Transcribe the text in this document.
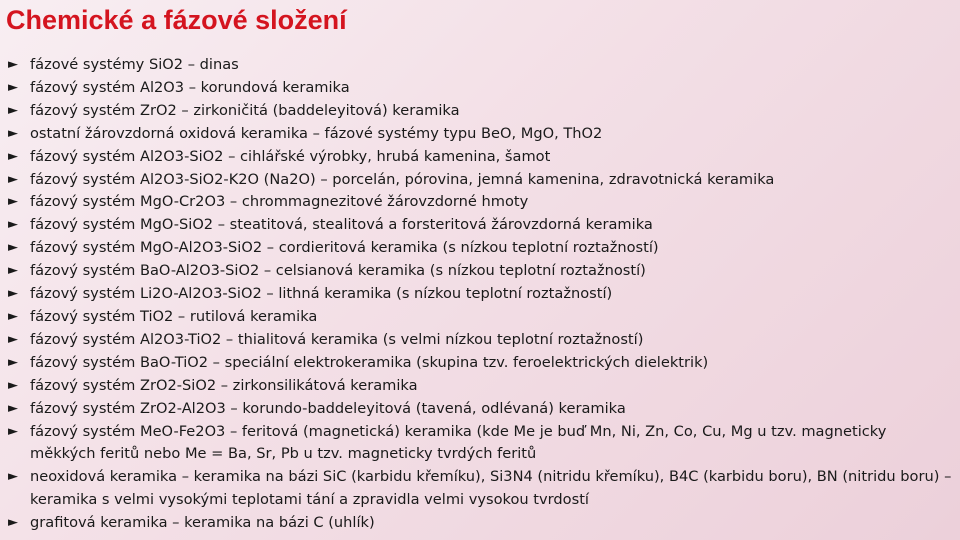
Chemické a fázové složení
► fázové systémy SiO2 – dinas
► fázový systém Al2O3 – korundová keramika
► fázový systém ZrO2 – zirkoničitá (baddeleyitová) keramika
► ostatní žárovzdorná oxidová keramika – fázové systémy typu BeO, MgO, ThO2
► fázový systém Al2O3-SiO2 – cihlářské výrobky, hrubá kamenina, šamot
► fázový systém Al2O3-SiO2-K2O (Na2O) – porcelán, pórovina, jemná kamenina, zdravotnická keramika
► fázový systém MgO-Cr2O3 – chrommagnezitové žárovzdorné hmoty
► fázový systém MgO-SiO2 – steatitová, stealitová a forsteritová žárovzdorná keramika
► fázový systém MgO-Al2O3-SiO2 – cordieritová keramika (s nízkou teplotní roztažností)
► fázový systém BaO-Al2O3-SiO2 – celsianová keramika (s nízkou teplotní roztažností)
► fázový systém Li2O-Al2O3-SiO2 – lithná keramika (s nízkou teplotní roztažností)
► fázový systém TiO2 – rutilová keramika
► fázový systém Al2O3-TiO2 – thialitová keramika (s velmi nízkou teplotní roztažností)
► fázový systém BaO-TiO2 – speciální elektrokeramika (skupina tzv. feroelektrických dielektrik)
► fázový systém ZrO2-SiO2 – zirkonsilikátová keramika
► fázový systém ZrO2-Al2O3 – korundo-baddeleyitová (tavená, odlévaná) keramika
► fázový systém MeO-Fe2O3 – feritová (magnetická) keramika (kde Me je buď Mn, Ni, Zn, Co, Cu, Mg u tzv. magneticky měkkých feritů nebo Me = Ba, Sr, Pb u tzv. magneticky tvrdých feritů
► neoxidová keramika – keramika na bázi SiC (karbidu křemíku), Si3N4 (nitridu křemíku), B4C (karbidu boru), BN (nitridu boru) – keramika s velmi vysokými teplotami tání a zpravidla velmi vysokou tvrdostí
► grafitová keramika – keramika na bázi C (uhlík)
